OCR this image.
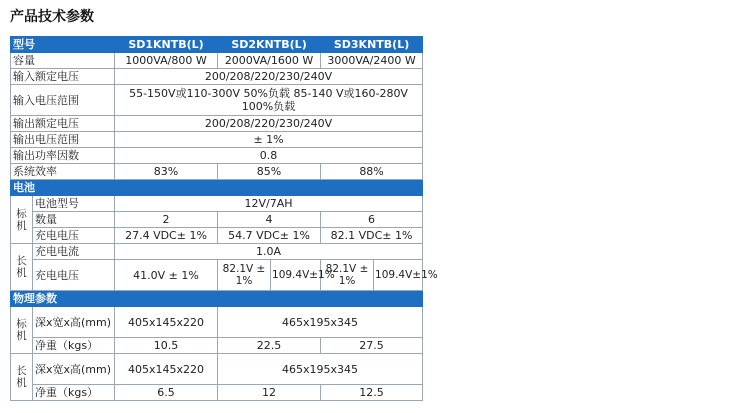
产品技术参数
型号		SD1KNTB(L)	SD2KNTB(L)		SD3KNTB(L)	
容量		1000VA/800 W	2000VA/1600 W		3000VA/2400 W	
输入额定电压		200/208/220/230/240V				
输入电压范围		55-150V或110-300V 50%负载 85-140 V或160-280V
100%负载				

输出额定电压		200/208/220/230/240V				
输出电压范围		± 1%				
输出功率因数		0.8				
系统效率		83%	85%		88%	
电池						
标机	电池型号	12V/7AH				
	数量	2	4		6	
	充电电压	27.4 VDC± 1%	54.7 VDC± 1%		82.1 VDC± 1%	
长机	充电电流	1.0A				
	充电电压	41.0V ± 1%	82.1V ± 1%	109.4V±1%	82.1V ± 1%	109.4V±1%
物理参数						
标机	深x宽x高(mm)	405x145x220	465x195x345			
	净重（kgs）	10.5	22.5		27.5	
长机	深x宽x高(mm)	405x145x220	465x195x345			
	净重（kgs）	6.5	12		12.5	
